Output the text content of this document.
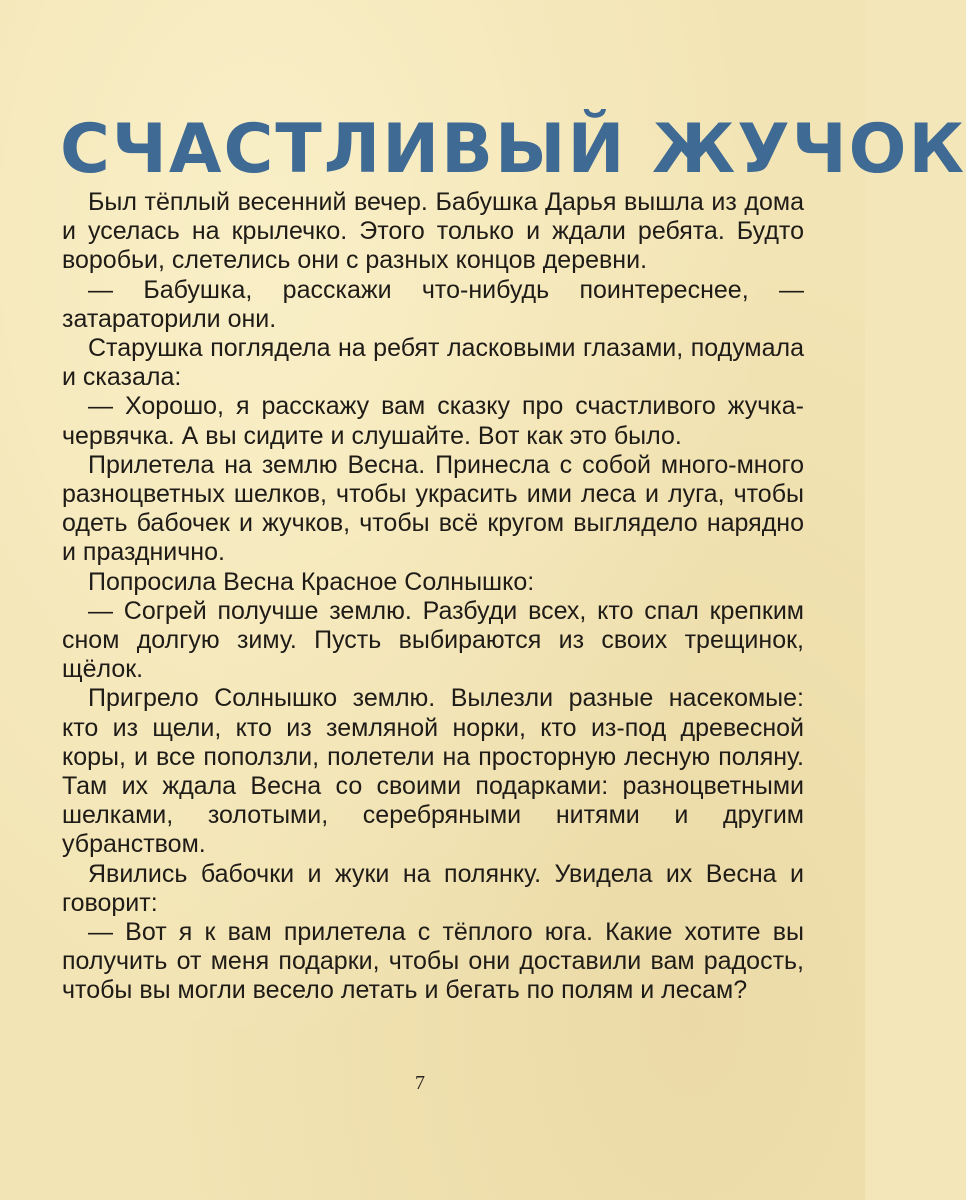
СЧАСТЛИВЫЙ ЖУЧОК

Был тёплый весенний вечер. Бабушка Дарья вышла из дома и уселась на крылечко. Этого только и ждали ребята. Будто воробьи, слетелись они с разных концов деревни.

— Бабушка, расскажи что-нибудь поинтереснее, — затараторили они.

Старушка поглядела на ребят ласковыми глазами, подумала и сказала:

— Хорошо, я расскажу вам сказку про счастливого жучка-червячка. А вы сидите и слушайте. Вот как это было.

Прилетела на землю Весна. Принесла с собой много-много разноцветных шелков, чтобы украсить ими леса и луга, чтобы одеть бабочек и жучков, чтобы всё кругом выглядело нарядно и празднично.

Попросила Весна Красное Солнышко:

— Согрей получше землю. Разбуди всех, кто спал крепким сном долгую зиму. Пусть выбираются из своих трещинок, щёлок.

Пригрело Солнышко землю. Вылезли разные насекомые: кто из щели, кто из земляной норки, кто из-под древесной коры, и все поползли, полетели на просторную лесную поляну. Там их ждала Весна со своими подарками: разноцветными шелками, золотыми, серебряными нитями и другим убранством.

Явились бабочки и жуки на полянку. Увидела их Весна и говорит:

— Вот я к вам прилетела с тёплого юга. Какие хотите вы получить от меня подарки, чтобы они доставили вам радость, чтобы вы могли весело летать и бегать по полям и лесам?

7
